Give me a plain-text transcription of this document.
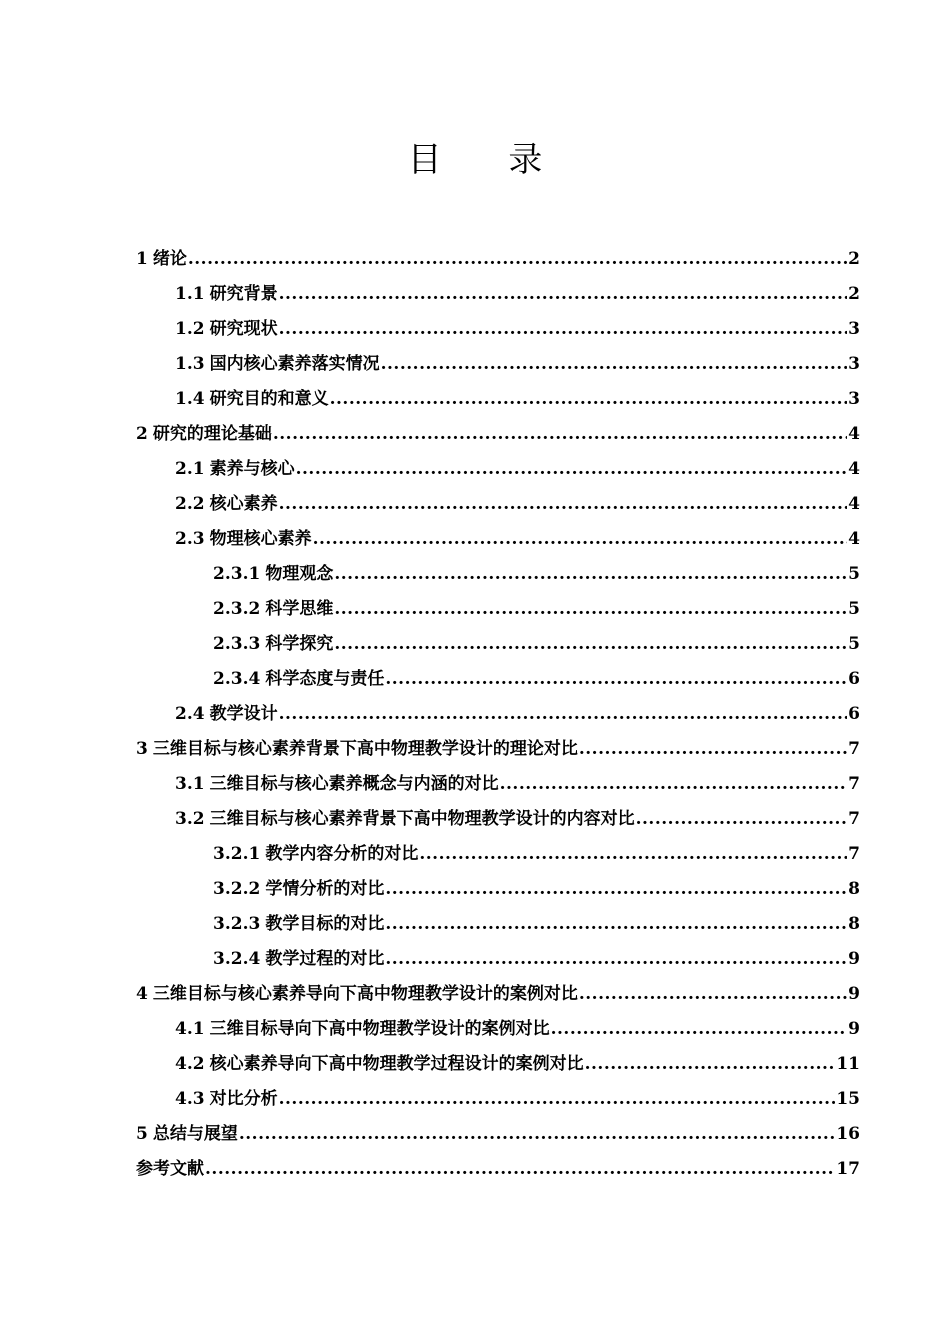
目 录
1 绪论 .....	2
1.1 研究背景 .....	2
1.2 研究现状 .....	3
1.3 国内核心素养落实情况 .....	3
1.4 研究目的和意义 .....	3
2 研究的理论基础 .....	4
2.1 素养与核心 .....	4
2.2 核心素养 .....	4
2.3 物理核心素养 .....	4
2.3.1 物理观念 .....	5
2.3.2 科学思维 .....	5
2.3.3 科学探究 .....	5
2.3.4 科学态度与责任 .....	6
2.4 教学设计 .....	6
3 三维目标与核心素养背景下高中物理教学设计的理论对比 .....	7
3.1 三维目标与核心素养概念与内涵的对比 .....	7
3.2 三维目标与核心素养背景下高中物理教学设计的内容对比 .....	7
3.2.1 教学内容分析的对比 .....	7
3.2.2 学情分析的对比 .....	8
3.2.3 教学目标的对比 .....	8
3.2.4 教学过程的对比 .....	9
4 三维目标与核心素养导向下高中物理教学设计的案例对比 .....	9
4.1 三维目标导向下高中物理教学设计的案例对比 .....	9
4.2 核心素养导向下高中物理教学过程设计的案例对比 .....	11
4.3 对比分析 .....	15
5 总结与展望 .....	16
参考文献 .....	17
